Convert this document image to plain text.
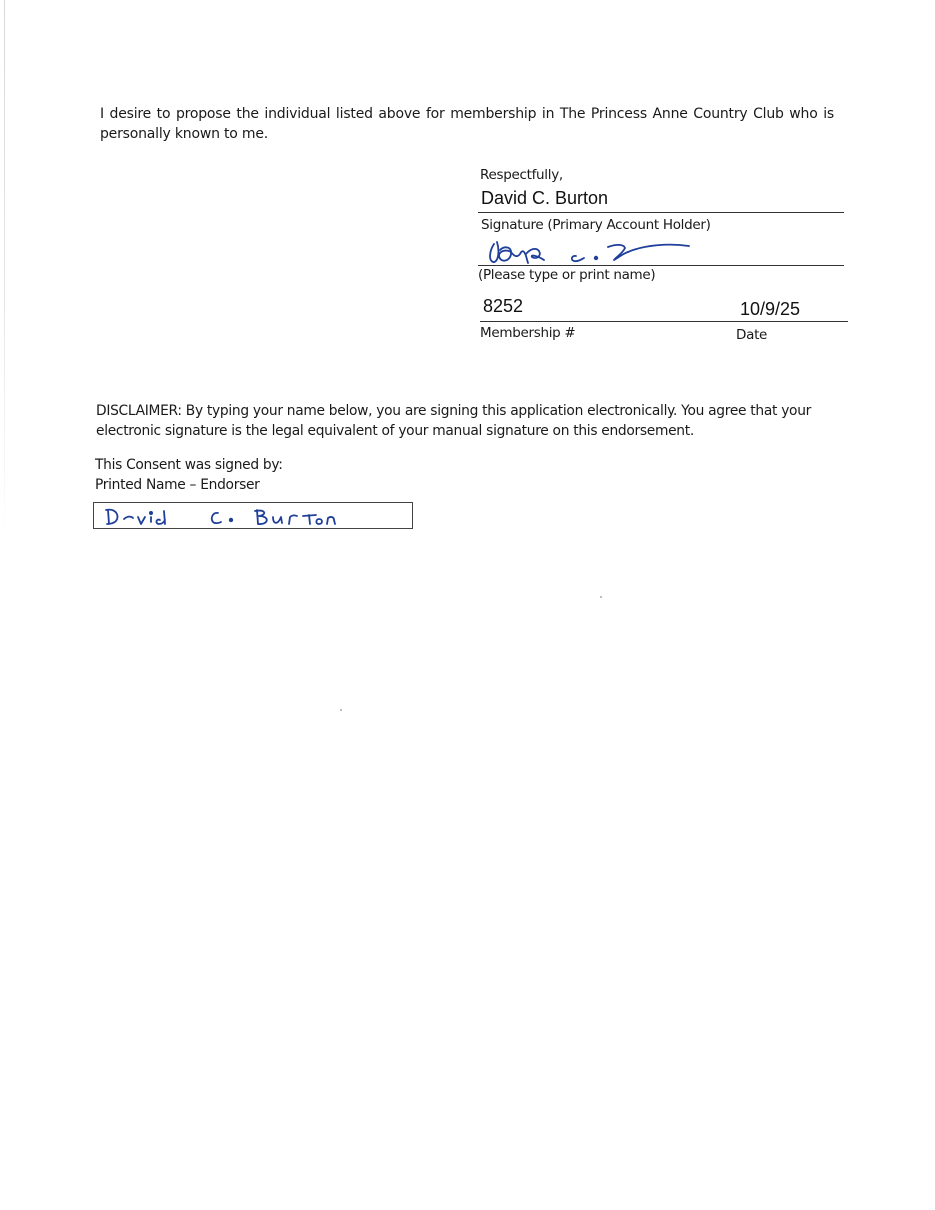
I desire to propose the individual listed above for membership in The Princess Anne Country Club who is personally known to me.

Respectfully,
David C. Burton
Signature (Primary Account Holder)
(Please type or print name)
8252	10/9/25
Membership #	Date

DISCLAIMER: By typing your name below, you are signing this application electronically. You agree that your electronic signature is the legal equivalent of your manual signature on this endorsement.

This Consent was signed by:
Printed Name – Endorser
